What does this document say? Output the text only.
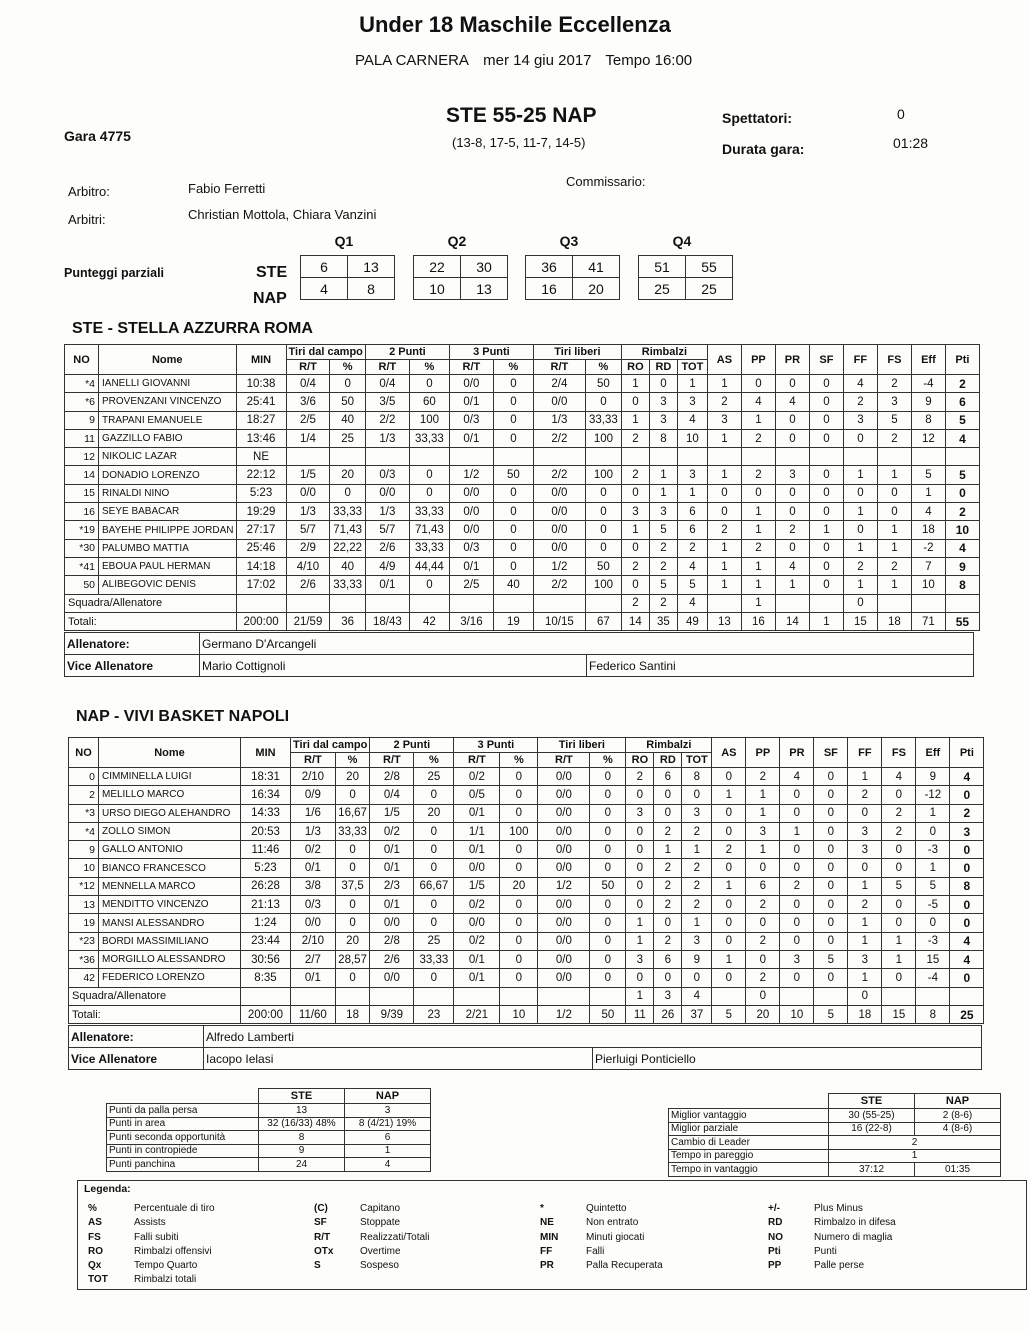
Under 18 Maschile Eccellenza
PALA CARNERA mer 14 giu 2017 Tempo 16:00
Gara 4775
STE 55-25 NAP
(13-8, 17-5, 11-7, 14-5)
Spettatori:	0
Durata gara:	01:28
Arbitro:	Fabio Ferretti
Arbitri:	Christian Mottola, Chiara Vanzini
Commissario:
Punteggi parziali	STE
NAP
Q1
6	13
4	8
Q2
22	30
10	13
Q3
36	41
16	20
Q4
51	55
25	25
STE - STELLA AZZURRA ROMA
NO	Nome	MIN	Tiri dal campo		2 Punti		3 Punti		Tiri liberi		Rimbalzi			AS	PP	PR	SF	FF	FS	Eff	Pti
			R/T	%	R/T	%	R/T	%	R/T	%	RO	RD	TOT								
*4	IANELLI GIOVANNI	10:38	0/4	0	0/4	0	0/0	0	2/4	50	1	0	1	1	0	0	0	4	2	-4	2
*6	PROVENZANI VINCENZO	25:41	3/6	50	3/5	60	0/1	0	0/0	0	0	3	3	2	4	4	0	2	3	9	6
9	TRAPANI EMANUELE	18:27	2/5	40	2/2	100	0/3	0	1/3	33,33	1	3	4	3	1	0	0	3	5	8	5
11	GAZZILLO FABIO	13:46	1/4	25	1/3	33,33	0/1	0	2/2	100	2	8	10	1	2	0	0	0	2	12	4
12	NIKOLIC LAZAR	NE																			
14	DONADIO LORENZO	22:12	1/5	20	0/3	0	1/2	50	2/2	100	2	1	3	1	2	3	0	1	1	5	5
15	RINALDI NINO	5:23	0/0	0	0/0	0	0/0	0	0/0	0	0	1	1	0	0	0	0	0	0	1	0
16	SEYE BABACAR	19:29	1/3	33,33	1/3	33,33	0/0	0	0/0	0	3	3	6	0	1	0	0	1	0	4	2
*19	BAYEHE PHILIPPE JORDAN	27:17	5/7	71,43	5/7	71,43	0/0	0	0/0	0	1	5	6	2	1	2	1	0	1	18	10
*30	PALUMBO MATTIA	25:46	2/9	22,22	2/6	33,33	0/3	0	0/0	0	0	2	2	1	2	0	0	1	1	-2	4
*41	EBOUA PAUL HERMAN	14:18	4/10	40	4/9	44,44	0/1	0	1/2	50	2	2	4	1	1	4	0	2	2	7	9
50	ALIBEGOVIC DENIS	17:02	2/6	33,33	0/1	0	2/5	40	2/2	100	0	5	5	1	1	1	0	1	1	10	8
Squadra/Allenatore											2	2	4		1			0			
Totali:		200:00	21/59	36	18/43	42	3/16	19	10/15	67	14	35	49	13	16	14	1	15	18	71	55
Allenatore:	Germano D'Arcangeli	
Vice Allenatore	Mario Cottignoli	Federico Santini
NAP - VIVI BASKET NAPOLI
NO	Nome	MIN	Tiri dal campo		2 Punti		3 Punti		Tiri liberi		Rimbalzi			AS	PP	PR	SF	FF	FS	Eff	Pti
			R/T	%	R/T	%	R/T	%	R/T	%	RO	RD	TOT								
0	CIMMINELLA LUIGI	18:31	2/10	20	2/8	25	0/2	0	0/0	0	2	6	8	0	2	4	0	1	4	9	4
2	MELILLO MARCO	16:34	0/9	0	0/4	0	0/5	0	0/0	0	0	0	0	1	1	0	0	2	0	-12	0
*3	URSO DIEGO ALEHANDRO	14:33	1/6	16,67	1/5	20	0/1	0	0/0	0	3	0	3	0	1	0	0	0	2	1	2
*4	ZOLLO SIMON	20:53	1/3	33,33	0/2	0	1/1	100	0/0	0	0	2	2	0	3	1	0	3	2	0	3
9	GALLO ANTONIO	11:46	0/2	0	0/1	0	0/1	0	0/0	0	0	1	1	2	1	0	0	3	0	-3	0
10	BIANCO FRANCESCO	5:23	0/1	0	0/1	0	0/0	0	0/0	0	0	2	2	0	0	0	0	0	0	1	0
*12	MENNELLA MARCO	26:28	3/8	37,5	2/3	66,67	1/5	20	1/2	50	0	2	2	1	6	2	0	1	5	5	8
13	MENDITTO VINCENZO	21:13	0/3	0	0/1	0	0/2	0	0/0	0	0	2	2	0	2	0	0	2	0	-5	0
19	MANSI ALESSANDRO	1:24	0/0	0	0/0	0	0/0	0	0/0	0	1	0	1	0	0	0	0	1	0	0	0
*23	BORDI MASSIMILIANO	23:44	2/10	20	2/8	25	0/2	0	0/0	0	1	2	3	0	2	0	0	1	1	-3	4
*36	MORGILLO ALESSANDRO	30:56	2/7	28,57	2/6	33,33	0/1	0	0/0	0	3	6	9	1	0	3	5	3	1	15	4
42	FEDERICO LORENZO	8:35	0/1	0	0/0	0	0/1	0	0/0	0	0	0	0	0	2	0	0	1	0	-4	0
Squadra/Allenatore											1	3	4		0			0			
Totali:		200:00	11/60	18	9/39	23	2/21	10	1/2	50	11	26	37	5	20	10	5	18	15	8	25
Allenatore:	Alfredo Lamberti	
Vice Allenatore	Iacopo Ielasi	Pierluigi Ponticiello
	STE	NAP
Punti da palla persa	13	3
Punti in area	32 (16/33) 48%	8 (4/21) 19%
Punti seconda opportunità	8	6
Punti in contropiede	9	1
Punti panchina	24	4
	STE	NAP
Miglior vantaggio	30 (55-25)	2 (8-6)
Miglior parziale	16 (22-8)	4 (8-6)
Cambio di Leader	2	
Tempo in pareggio	1	
Tempo in vantaggio	37:12	01:35
Legenda:
%	Percentuale di tiro
AS	Assists
FS	Falli subiti
RO	Rimbalzi offensivi
Qx	Tempo Quarto
TOT	Rimbalzi totali
(C)	Capitano
SF	Stoppate
R/T	Realizzati/Totali
OTx	Overtime
S	Sospeso
*	Quintetto
NE	Non entrato
MIN	Minuti giocati
FF	Falli
PR	Palla Recuperata
+/-	Plus Minus
RD	Rimbalzo in difesa
NO	Numero di maglia
Pti	Punti
PP	Palle perse
